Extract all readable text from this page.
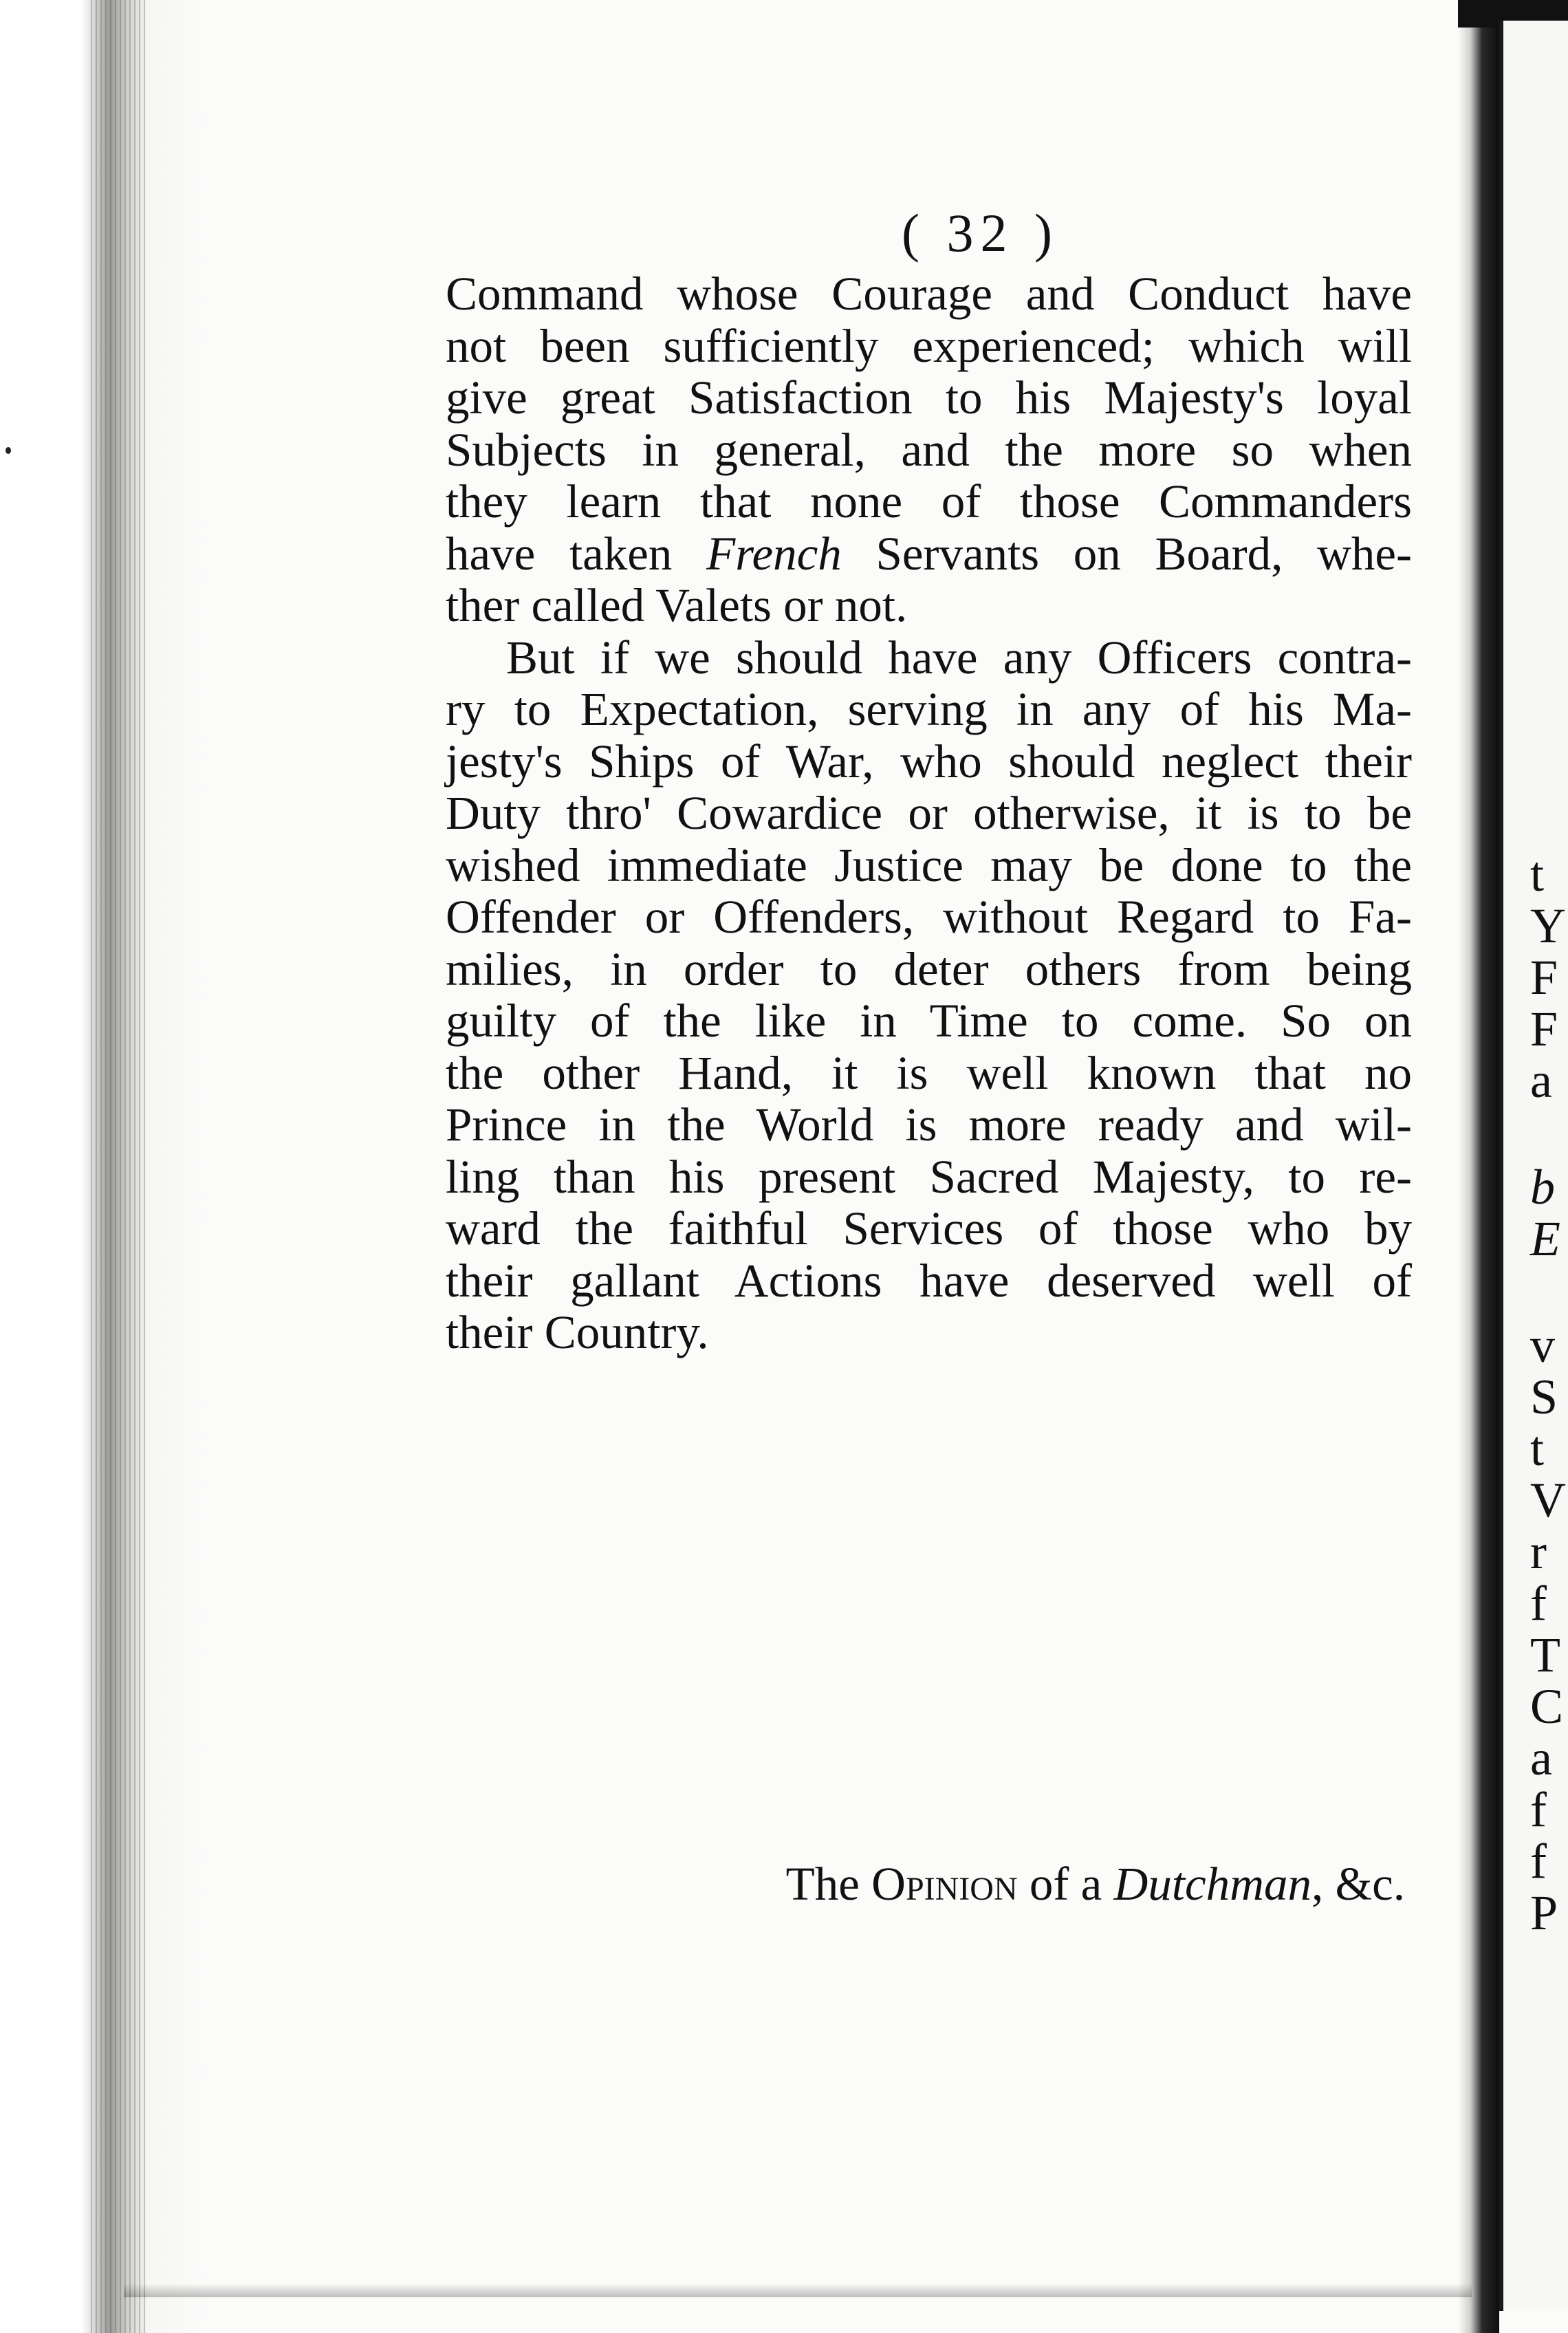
t
Y
F
F
a
b
E
v
S
t
V
r
f
T
C
a
f
f
P
( 32 )
Command whose Courage and Conduct have
not been sufficiently experienced; which will
give great Satisfaction to his Majesty's loyal
Subjects in general, and the more so when
they learn that none of those Commanders
have taken French Servants on Board, whe-
ther called Valets or not.
But if we should have any Officers contra-
ry to Expectation, serving in any of his Ma-
jesty's Ships of War, who should neglect their
Duty thro' Cowardice or otherwise, it is to be
wished immediate Justice may be done to the
Offender or Offenders, without Regard to Fa-
milies, in order to deter others from being
guilty of the like in Time to come. So on
the other Hand, it is well known that no
Prince in the World is more ready and wil-
ling than his present Sacred Majesty, to re-
ward the faithful Services of those who by
their gallant Actions have deserved well of
their Country.
The Opinion of a Dutchman, &c.
